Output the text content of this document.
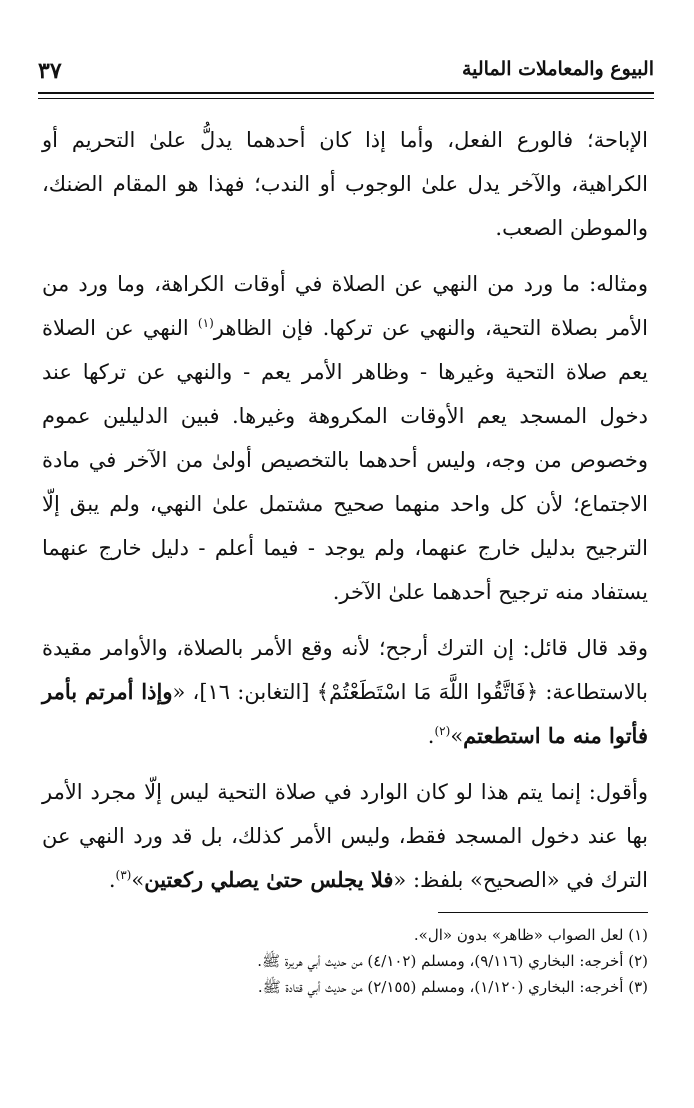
البيوع والمعاملات المالية
٣٧

الإباحة؛ فالورع الفعل، وأما إذا كان أحدهما يدلُّ علىٰ التحريم أو الكراهية، والآخر يدل علىٰ الوجوب أو الندب؛ فهذا هو المقام الضنك، والموطن الصعب.

ومثاله: ما ورد من النهي عن الصلاة في أوقات الكراهة، وما ورد من الأمر بصلاة التحية، والنهي عن تركها. فإن الظاهر$^{(١)}$ النهي عن الصلاة يعم صلاة التحية وغيرها - وظاهر الأمر يعم - والنهي عن تركها عند دخول المسجد يعم الأوقات المكروهة وغيرها. فبين الدليلين عموم وخصوص من وجه، وليس أحدهما بالتخصيص أولىٰ من الآخر في مادة الاجتماع؛ لأن كل واحد منهما صحيح مشتمل علىٰ النهي، ولم يبق إلّا الترجيح بدليل خارج عنهما، ولم يوجد - فيما أعلم - دليل خارج عنهما يستفاد منه ترجيح أحدهما علىٰ الآخر.

وقد قال قائل: إن الترك أرجح؛ لأنه وقع الأمر بالصلاة، والأوامر مقيدة بالاستطاعة: ﴿فَاتَّقُوا اللَّهَ مَا اسْتَطَعْتُمْ﴾ [التغابن: ١٦]، «وإذا أمرتم بأمر فأتوا منه ما استطعتم»$^{(٢)}$.

وأقول: إنما يتم هذا لو كان الوارد في صلاة التحية ليس إلّا مجرد الأمر بها عند دخول المسجد فقط، وليس الأمر كذلك، بل قد ورد النهي عن الترك في «الصحيح» بلفظ: «فلا يجلس حتىٰ يصلي ركعتين»$^{(٣)}$.

(١) لعل الصواب «ظاهر» بدون «ال».

(٢) أخرجه: البخاري (٩/١١٦)، ومسلم (٤/١٠٢) من حديث أبي هريرة ﷺ.

(٣) أخرجه: البخاري (١/١٢٠)، ومسلم (٢/١٥٥) من حديث أبي قتادة ﷺ.
